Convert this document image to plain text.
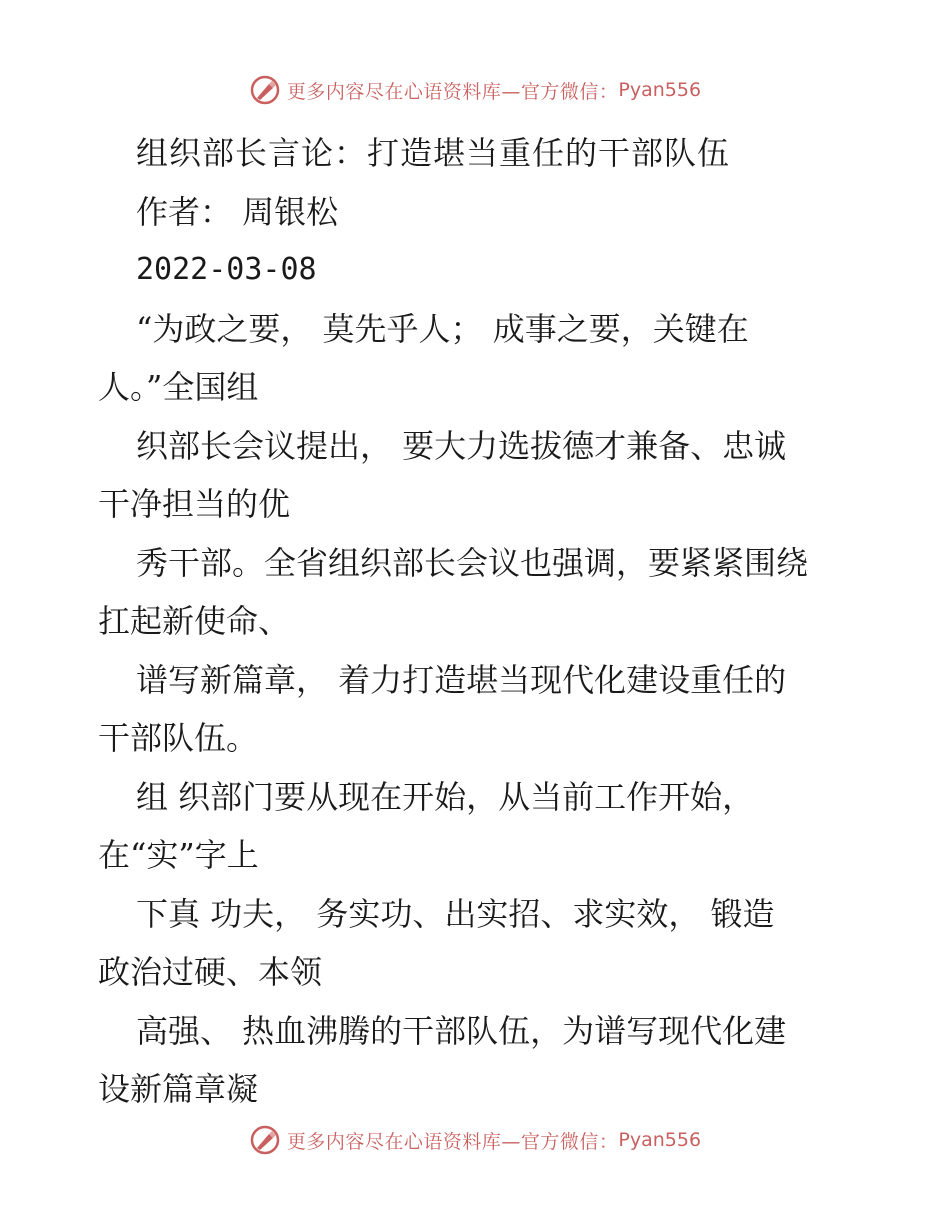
更多内容尽在心语资料库—官方微信： Pyan556
组织部长言论：打造堪当重任的干部队伍
作者： 周银松
2022-03-08
“为政之要， 莫先乎人； 成事之要，关键在
人。”全国组
织部长会议提出， 要大力选拔德才兼备、忠诚
干净担当的优
秀干部。全省组织部长会议也强调，要紧紧围绕
扛起新使命、
谱写新篇章， 着力打造堪当现代化建设重任的
干部队伍。
组 织部门要从现在开始，从当前工作开始，
在“实”字上
下真 功夫， 务实功、出实招、求实效， 锻造
政治过硬、本领
高强、 热血沸腾的干部队伍，为谱写现代化建
设新篇章凝
更多内容尽在心语资料库—官方微信： Pyan556
